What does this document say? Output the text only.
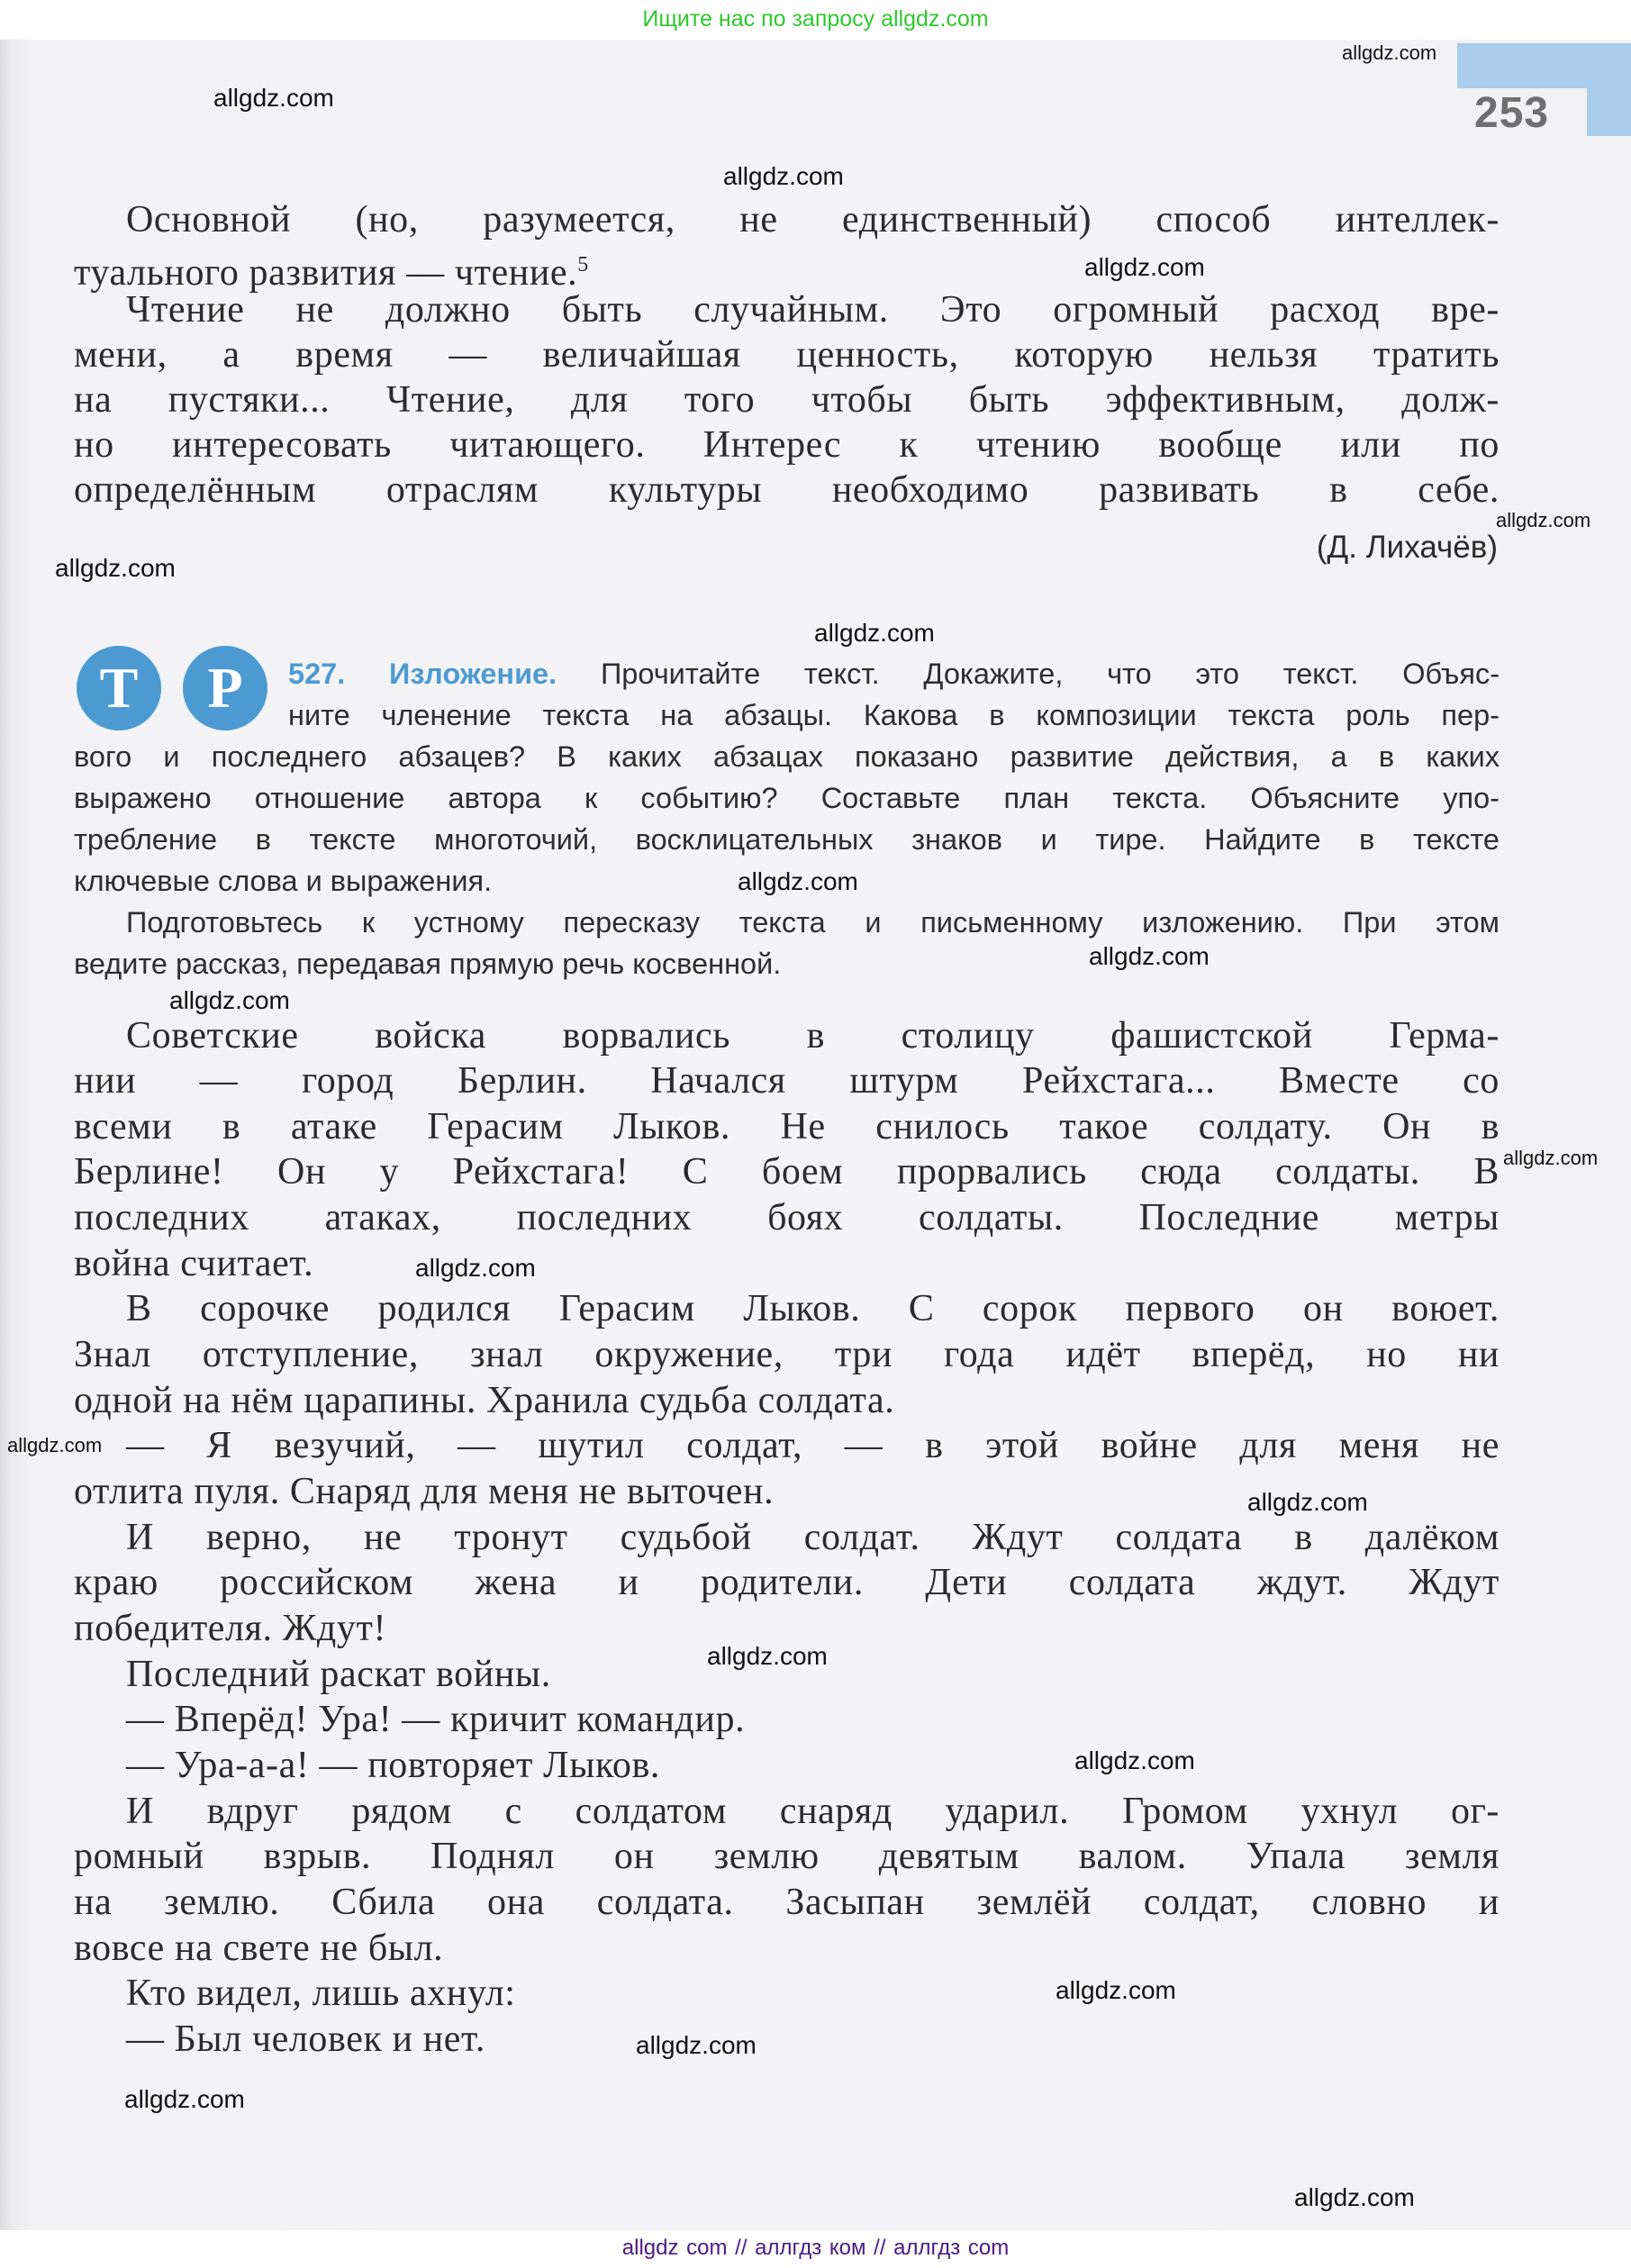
Ищите нас по запросу allgdz.com
253
Основной (но, разумеется, не единственный) способ интеллек-
туального развития — чтение.$^5$
Чтение не должно быть случайным. Это огромный расход вре-
мени, а время — величайшая ценность, которую нельзя тратить
на пустяки... Чтение, для того чтобы быть эффективным, долж-
но интересовать читающего. Интерес к чтению вообще или по
определённым отраслям культуры необходимо развивать в себе.
(Д. Лихачёв)
Т	Р	527. Изложение. Прочитайте текст. Докажите, что это текст. Объяс-
ните членение текста на абзацы. Какова в композиции текста роль пер-
вого и последнего абзацев? В каких абзацах показано развитие действия, а в каких
выражено отношение автора к событию? Составьте план текста. Объясните упо-
требление в тексте многоточий, восклицательных знаков и тире. Найдите в тексте
ключевые слова и выражения.
Подготовьтесь к устному пересказу текста и письменному изложению. При этом
ведите рассказ, передавая прямую речь косвенной.
Советские войска ворвались в столицу фашистской Герма-
нии — город Берлин. Начался штурм Рейхстага... Вместе со
всеми в атаке Герасим Лыков. Не снилось такое солдату. Он в
Берлине! Он у Рейхстага! С боем прорвались сюда солдаты. В
последних атаках, последних боях солдаты. Последние метры
война считает.
В сорочке родился Герасим Лыков. С сорок первого он воюет.
Знал отступление, знал окружение, три года идёт вперёд, но ни
одной на нём царапины. Хранила судьба солдата.
— Я везучий, — шутил солдат, — в этой войне для меня не
отлита пуля. Снаряд для меня не выточен.
И верно, не тронут судьбой солдат. Ждут солдата в далёком
краю российском жена и родители. Дети солдата ждут. Ждут
победителя. Ждут!
Последний раскат войны.
— Вперёд! Ура! — кричит командир.
— Ура-а-а! — повторяет Лыков.
И вдруг рядом с солдатом снаряд ударил. Громом ухнул ог-
ромный взрыв. Поднял он землю девятым валом. Упала земля
на землю. Сбила она солдата. Засыпан землёй солдат, словно и
вовсе на свете не был.
Кто видел, лишь ахнул:
— Был человек и нет.
allgdz.com
allgdz.com
allgdz.com
allgdz.com
allgdz.com
allgdz.com
allgdz.com
allgdz.com
allgdz.com
allgdz.com
allgdz.com
allgdz.com
allgdz.com
allgdz.com
allgdz.com
allgdz.com
allgdz.com
allgdz.com
allgdz.com
allgdz.com
allgdz com // аллгдз ком // аллгдз com
